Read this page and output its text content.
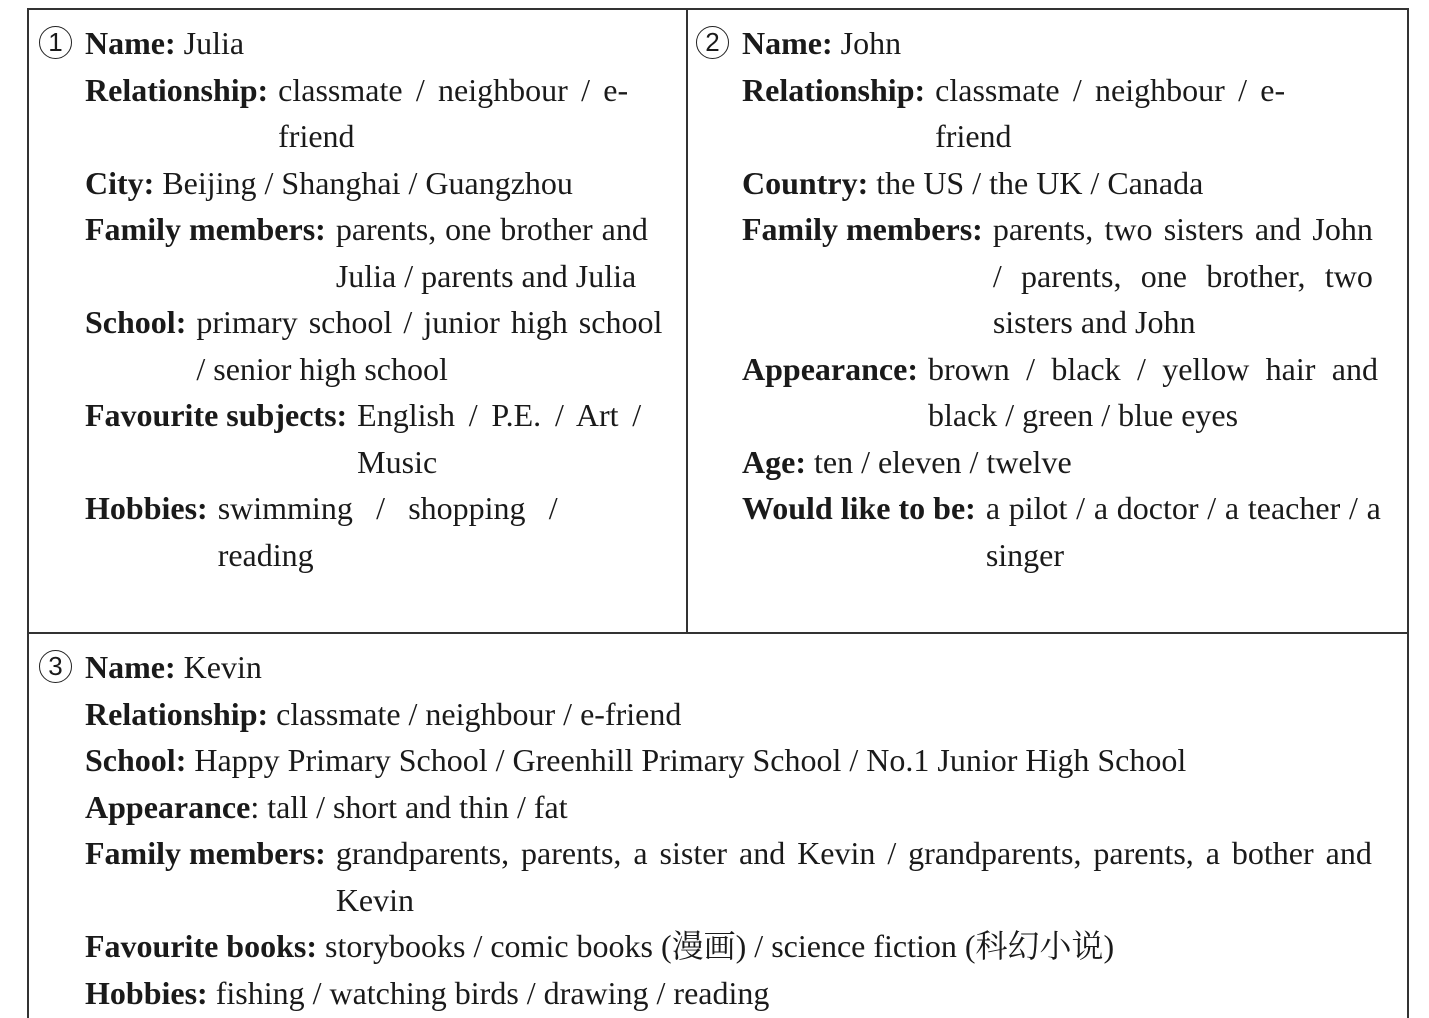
1 Name: Julia
Relationship: classmate / neighbour / e-friend
City: Beijing / Shanghai / Guangzhou
Family members: parents, one brother and Julia / parents and Julia
School: primary school / junior high school / senior high school
Favourite subjects: English / P.E. / Art / Music
Hobbies: swimming / shopping / reading
2 Name: John
Relationship: classmate / neighbour / e-friend
Country: the US / the UK / Canada
Family members: parents, two sisters and John / parents, one brother, two sisters and John
Appearance: brown / black / yellow hair and black / green / blue eyes
Age: ten / eleven / twelve
Would like to be: a pilot / a doctor / a teacher / a singer
3 Name: Kevin
Relationship: classmate / neighbour / e-friend
School: Happy Primary School / Greenhill Primary School / No.1 Junior High School
Appearance: tall / short and thin / fat
Family members: grandparents, parents, a sister and Kevin / grandparents, parents, a bother and Kevin
Favourite books: storybooks / comic books (漫画) / science fiction (科幻小说)
Hobbies: fishing / watching birds / drawing / reading
